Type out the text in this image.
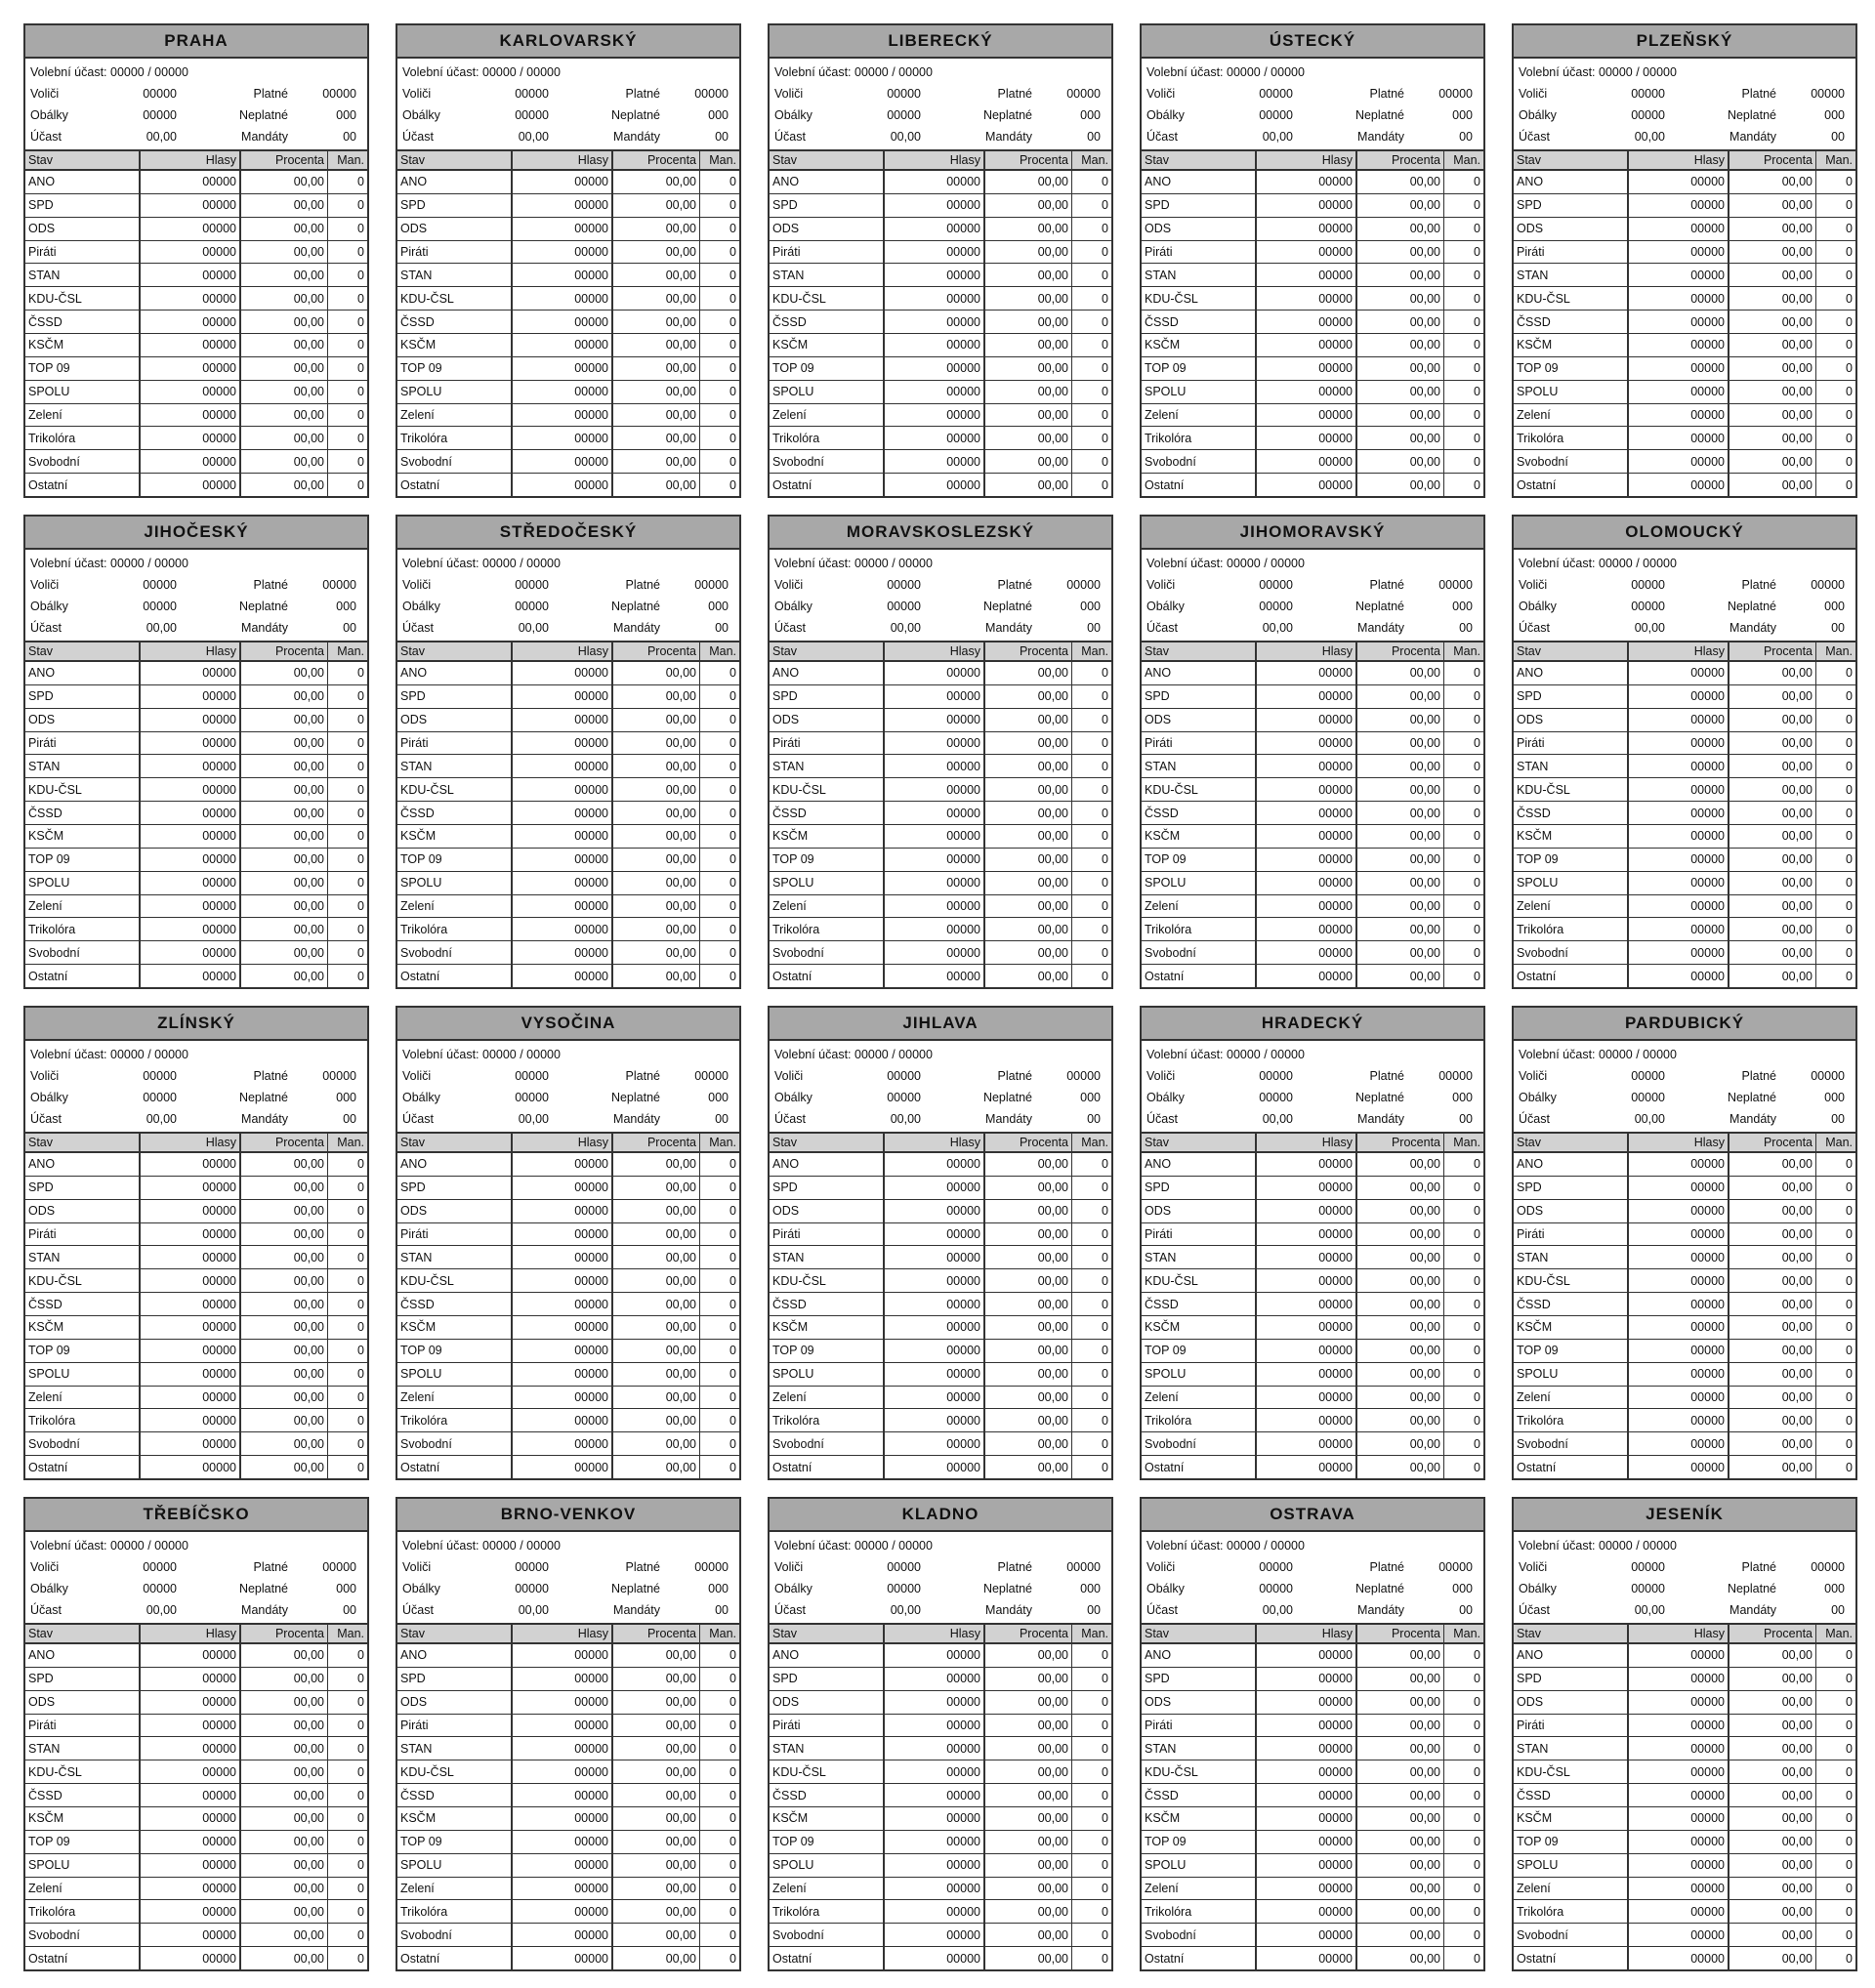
PRAHA
Volební účast: 00000 / 00000
Voliči	00000	Platné	00000
Obálky	00000	Neplatné	000
Účast	00,00	Mandáty	00
Stav	Hlasy	Procenta	Man.
ANO	00000	00,00	0
SPD	00000	00,00	0
ODS	00000	00,00	0
Piráti	00000	00,00	0
STAN	00000	00,00	0
KDU-ČSL	00000	00,00	0
ČSSD	00000	00,00	0
KSČM	00000	00,00	0
TOP 09	00000	00,00	0
SPOLU	00000	00,00	0
Zelení	00000	00,00	0
Trikolóra	00000	00,00	0
Svobodní	00000	00,00	0
Ostatní	00000	00,00	0
KARLOVARSKÝ
Volební účast: 00000 / 00000
Voliči	00000	Platné	00000
Obálky	00000	Neplatné	000
Účast	00,00	Mandáty	00
Stav	Hlasy	Procenta	Man.
ANO	00000	00,00	0
SPD	00000	00,00	0
ODS	00000	00,00	0
Piráti	00000	00,00	0
STAN	00000	00,00	0
KDU-ČSL	00000	00,00	0
ČSSD	00000	00,00	0
KSČM	00000	00,00	0
TOP 09	00000	00,00	0
SPOLU	00000	00,00	0
Zelení	00000	00,00	0
Trikolóra	00000	00,00	0
Svobodní	00000	00,00	0
Ostatní	00000	00,00	0
LIBERECKÝ
Volební účast: 00000 / 00000
Voliči	00000	Platné	00000
Obálky	00000	Neplatné	000
Účast	00,00	Mandáty	00
Stav	Hlasy	Procenta	Man.
ANO	00000	00,00	0
SPD	00000	00,00	0
ODS	00000	00,00	0
Piráti	00000	00,00	0
STAN	00000	00,00	0
KDU-ČSL	00000	00,00	0
ČSSD	00000	00,00	0
KSČM	00000	00,00	0
TOP 09	00000	00,00	0
SPOLU	00000	00,00	0
Zelení	00000	00,00	0
Trikolóra	00000	00,00	0
Svobodní	00000	00,00	0
Ostatní	00000	00,00	0
ÚSTECKÝ
Volební účast: 00000 / 00000
Voliči	00000	Platné	00000
Obálky	00000	Neplatné	000
Účast	00,00	Mandáty	00
Stav	Hlasy	Procenta	Man.
ANO	00000	00,00	0
SPD	00000	00,00	0
ODS	00000	00,00	0
Piráti	00000	00,00	0
STAN	00000	00,00	0
KDU-ČSL	00000	00,00	0
ČSSD	00000	00,00	0
KSČM	00000	00,00	0
TOP 09	00000	00,00	0
SPOLU	00000	00,00	0
Zelení	00000	00,00	0
Trikolóra	00000	00,00	0
Svobodní	00000	00,00	0
Ostatní	00000	00,00	0
PLZEŇSKÝ
Volební účast: 00000 / 00000
Voliči	00000	Platné	00000
Obálky	00000	Neplatné	000
Účast	00,00	Mandáty	00
Stav	Hlasy	Procenta	Man.
ANO	00000	00,00	0
SPD	00000	00,00	0
ODS	00000	00,00	0
Piráti	00000	00,00	0
STAN	00000	00,00	0
KDU-ČSL	00000	00,00	0
ČSSD	00000	00,00	0
KSČM	00000	00,00	0
TOP 09	00000	00,00	0
SPOLU	00000	00,00	0
Zelení	00000	00,00	0
Trikolóra	00000	00,00	0
Svobodní	00000	00,00	0
Ostatní	00000	00,00	0
JIHOČESKÝ
Volební účast: 00000 / 00000
Voliči	00000	Platné	00000
Obálky	00000	Neplatné	000
Účast	00,00	Mandáty	00
Stav	Hlasy	Procenta	Man.
ANO	00000	00,00	0
SPD	00000	00,00	0
ODS	00000	00,00	0
Piráti	00000	00,00	0
STAN	00000	00,00	0
KDU-ČSL	00000	00,00	0
ČSSD	00000	00,00	0
KSČM	00000	00,00	0
TOP 09	00000	00,00	0
SPOLU	00000	00,00	0
Zelení	00000	00,00	0
Trikolóra	00000	00,00	0
Svobodní	00000	00,00	0
Ostatní	00000	00,00	0
STŘEDOČESKÝ
Volební účast: 00000 / 00000
Voliči	00000	Platné	00000
Obálky	00000	Neplatné	000
Účast	00,00	Mandáty	00
Stav	Hlasy	Procenta	Man.
ANO	00000	00,00	0
SPD	00000	00,00	0
ODS	00000	00,00	0
Piráti	00000	00,00	0
STAN	00000	00,00	0
KDU-ČSL	00000	00,00	0
ČSSD	00000	00,00	0
KSČM	00000	00,00	0
TOP 09	00000	00,00	0
SPOLU	00000	00,00	0
Zelení	00000	00,00	0
Trikolóra	00000	00,00	0
Svobodní	00000	00,00	0
Ostatní	00000	00,00	0
MORAVSKOSLEZSKÝ
Volební účast: 00000 / 00000
Voliči	00000	Platné	00000
Obálky	00000	Neplatné	000
Účast	00,00	Mandáty	00
Stav	Hlasy	Procenta	Man.
ANO	00000	00,00	0
SPD	00000	00,00	0
ODS	00000	00,00	0
Piráti	00000	00,00	0
STAN	00000	00,00	0
KDU-ČSL	00000	00,00	0
ČSSD	00000	00,00	0
KSČM	00000	00,00	0
TOP 09	00000	00,00	0
SPOLU	00000	00,00	0
Zelení	00000	00,00	0
Trikolóra	00000	00,00	0
Svobodní	00000	00,00	0
Ostatní	00000	00,00	0
JIHOMORAVSKÝ
Volební účast: 00000 / 00000
Voliči	00000	Platné	00000
Obálky	00000	Neplatné	000
Účast	00,00	Mandáty	00
Stav	Hlasy	Procenta	Man.
ANO	00000	00,00	0
SPD	00000	00,00	0
ODS	00000	00,00	0
Piráti	00000	00,00	0
STAN	00000	00,00	0
KDU-ČSL	00000	00,00	0
ČSSD	00000	00,00	0
KSČM	00000	00,00	0
TOP 09	00000	00,00	0
SPOLU	00000	00,00	0
Zelení	00000	00,00	0
Trikolóra	00000	00,00	0
Svobodní	00000	00,00	0
Ostatní	00000	00,00	0
OLOMOUCKÝ
Volební účast: 00000 / 00000
Voliči	00000	Platné	00000
Obálky	00000	Neplatné	000
Účast	00,00	Mandáty	00
Stav	Hlasy	Procenta	Man.
ANO	00000	00,00	0
SPD	00000	00,00	0
ODS	00000	00,00	0
Piráti	00000	00,00	0
STAN	00000	00,00	0
KDU-ČSL	00000	00,00	0
ČSSD	00000	00,00	0
KSČM	00000	00,00	0
TOP 09	00000	00,00	0
SPOLU	00000	00,00	0
Zelení	00000	00,00	0
Trikolóra	00000	00,00	0
Svobodní	00000	00,00	0
Ostatní	00000	00,00	0
ZLÍNSKÝ
Volební účast: 00000 / 00000
Voliči	00000	Platné	00000
Obálky	00000	Neplatné	000
Účast	00,00	Mandáty	00
Stav	Hlasy	Procenta	Man.
ANO	00000	00,00	0
SPD	00000	00,00	0
ODS	00000	00,00	0
Piráti	00000	00,00	0
STAN	00000	00,00	0
KDU-ČSL	00000	00,00	0
ČSSD	00000	00,00	0
KSČM	00000	00,00	0
TOP 09	00000	00,00	0
SPOLU	00000	00,00	0
Zelení	00000	00,00	0
Trikolóra	00000	00,00	0
Svobodní	00000	00,00	0
Ostatní	00000	00,00	0
VYSOČINA
Volební účast: 00000 / 00000
Voliči	00000	Platné	00000
Obálky	00000	Neplatné	000
Účast	00,00	Mandáty	00
Stav	Hlasy	Procenta	Man.
ANO	00000	00,00	0
SPD	00000	00,00	0
ODS	00000	00,00	0
Piráti	00000	00,00	0
STAN	00000	00,00	0
KDU-ČSL	00000	00,00	0
ČSSD	00000	00,00	0
KSČM	00000	00,00	0
TOP 09	00000	00,00	0
SPOLU	00000	00,00	0
Zelení	00000	00,00	0
Trikolóra	00000	00,00	0
Svobodní	00000	00,00	0
Ostatní	00000	00,00	0
JIHLAVA
Volební účast: 00000 / 00000
Voliči	00000	Platné	00000
Obálky	00000	Neplatné	000
Účast	00,00	Mandáty	00
Stav	Hlasy	Procenta	Man.
ANO	00000	00,00	0
SPD	00000	00,00	0
ODS	00000	00,00	0
Piráti	00000	00,00	0
STAN	00000	00,00	0
KDU-ČSL	00000	00,00	0
ČSSD	00000	00,00	0
KSČM	00000	00,00	0
TOP 09	00000	00,00	0
SPOLU	00000	00,00	0
Zelení	00000	00,00	0
Trikolóra	00000	00,00	0
Svobodní	00000	00,00	0
Ostatní	00000	00,00	0
HRADECKÝ
Volební účast: 00000 / 00000
Voliči	00000	Platné	00000
Obálky	00000	Neplatné	000
Účast	00,00	Mandáty	00
Stav	Hlasy	Procenta	Man.
ANO	00000	00,00	0
SPD	00000	00,00	0
ODS	00000	00,00	0
Piráti	00000	00,00	0
STAN	00000	00,00	0
KDU-ČSL	00000	00,00	0
ČSSD	00000	00,00	0
KSČM	00000	00,00	0
TOP 09	00000	00,00	0
SPOLU	00000	00,00	0
Zelení	00000	00,00	0
Trikolóra	00000	00,00	0
Svobodní	00000	00,00	0
Ostatní	00000	00,00	0
PARDUBICKÝ
Volební účast: 00000 / 00000
Voliči	00000	Platné	00000
Obálky	00000	Neplatné	000
Účast	00,00	Mandáty	00
Stav	Hlasy	Procenta	Man.
ANO	00000	00,00	0
SPD	00000	00,00	0
ODS	00000	00,00	0
Piráti	00000	00,00	0
STAN	00000	00,00	0
KDU-ČSL	00000	00,00	0
ČSSD	00000	00,00	0
KSČM	00000	00,00	0
TOP 09	00000	00,00	0
SPOLU	00000	00,00	0
Zelení	00000	00,00	0
Trikolóra	00000	00,00	0
Svobodní	00000	00,00	0
Ostatní	00000	00,00	0
TŘEBÍČSKO
Volební účast: 00000 / 00000
Voliči	00000	Platné	00000
Obálky	00000	Neplatné	000
Účast	00,00	Mandáty	00
Stav	Hlasy	Procenta	Man.
ANO	00000	00,00	0
SPD	00000	00,00	0
ODS	00000	00,00	0
Piráti	00000	00,00	0
STAN	00000	00,00	0
KDU-ČSL	00000	00,00	0
ČSSD	00000	00,00	0
KSČM	00000	00,00	0
TOP 09	00000	00,00	0
SPOLU	00000	00,00	0
Zelení	00000	00,00	0
Trikolóra	00000	00,00	0
Svobodní	00000	00,00	0
Ostatní	00000	00,00	0
BRNO-VENKOV
Volební účast: 00000 / 00000
Voliči	00000	Platné	00000
Obálky	00000	Neplatné	000
Účast	00,00	Mandáty	00
Stav	Hlasy	Procenta	Man.
ANO	00000	00,00	0
SPD	00000	00,00	0
ODS	00000	00,00	0
Piráti	00000	00,00	0
STAN	00000	00,00	0
KDU-ČSL	00000	00,00	0
ČSSD	00000	00,00	0
KSČM	00000	00,00	0
TOP 09	00000	00,00	0
SPOLU	00000	00,00	0
Zelení	00000	00,00	0
Trikolóra	00000	00,00	0
Svobodní	00000	00,00	0
Ostatní	00000	00,00	0
KLADNO
Volební účast: 00000 / 00000
Voliči	00000	Platné	00000
Obálky	00000	Neplatné	000
Účast	00,00	Mandáty	00
Stav	Hlasy	Procenta	Man.
ANO	00000	00,00	0
SPD	00000	00,00	0
ODS	00000	00,00	0
Piráti	00000	00,00	0
STAN	00000	00,00	0
KDU-ČSL	00000	00,00	0
ČSSD	00000	00,00	0
KSČM	00000	00,00	0
TOP 09	00000	00,00	0
SPOLU	00000	00,00	0
Zelení	00000	00,00	0
Trikolóra	00000	00,00	0
Svobodní	00000	00,00	0
Ostatní	00000	00,00	0
OSTRAVA
Volební účast: 00000 / 00000
Voliči	00000	Platné	00000
Obálky	00000	Neplatné	000
Účast	00,00	Mandáty	00
Stav	Hlasy	Procenta	Man.
ANO	00000	00,00	0
SPD	00000	00,00	0
ODS	00000	00,00	0
Piráti	00000	00,00	0
STAN	00000	00,00	0
KDU-ČSL	00000	00,00	0
ČSSD	00000	00,00	0
KSČM	00000	00,00	0
TOP 09	00000	00,00	0
SPOLU	00000	00,00	0
Zelení	00000	00,00	0
Trikolóra	00000	00,00	0
Svobodní	00000	00,00	0
Ostatní	00000	00,00	0
JESENÍK
Volební účast: 00000 / 00000
Voliči	00000	Platné	00000
Obálky	00000	Neplatné	000
Účast	00,00	Mandáty	00
Stav	Hlasy	Procenta	Man.
ANO	00000	00,00	0
SPD	00000	00,00	0
ODS	00000	00,00	0
Piráti	00000	00,00	0
STAN	00000	00,00	0
KDU-ČSL	00000	00,00	0
ČSSD	00000	00,00	0
KSČM	00000	00,00	0
TOP 09	00000	00,00	0
SPOLU	00000	00,00	0
Zelení	00000	00,00	0
Trikolóra	00000	00,00	0
Svobodní	00000	00,00	0
Ostatní	00000	00,00	0
